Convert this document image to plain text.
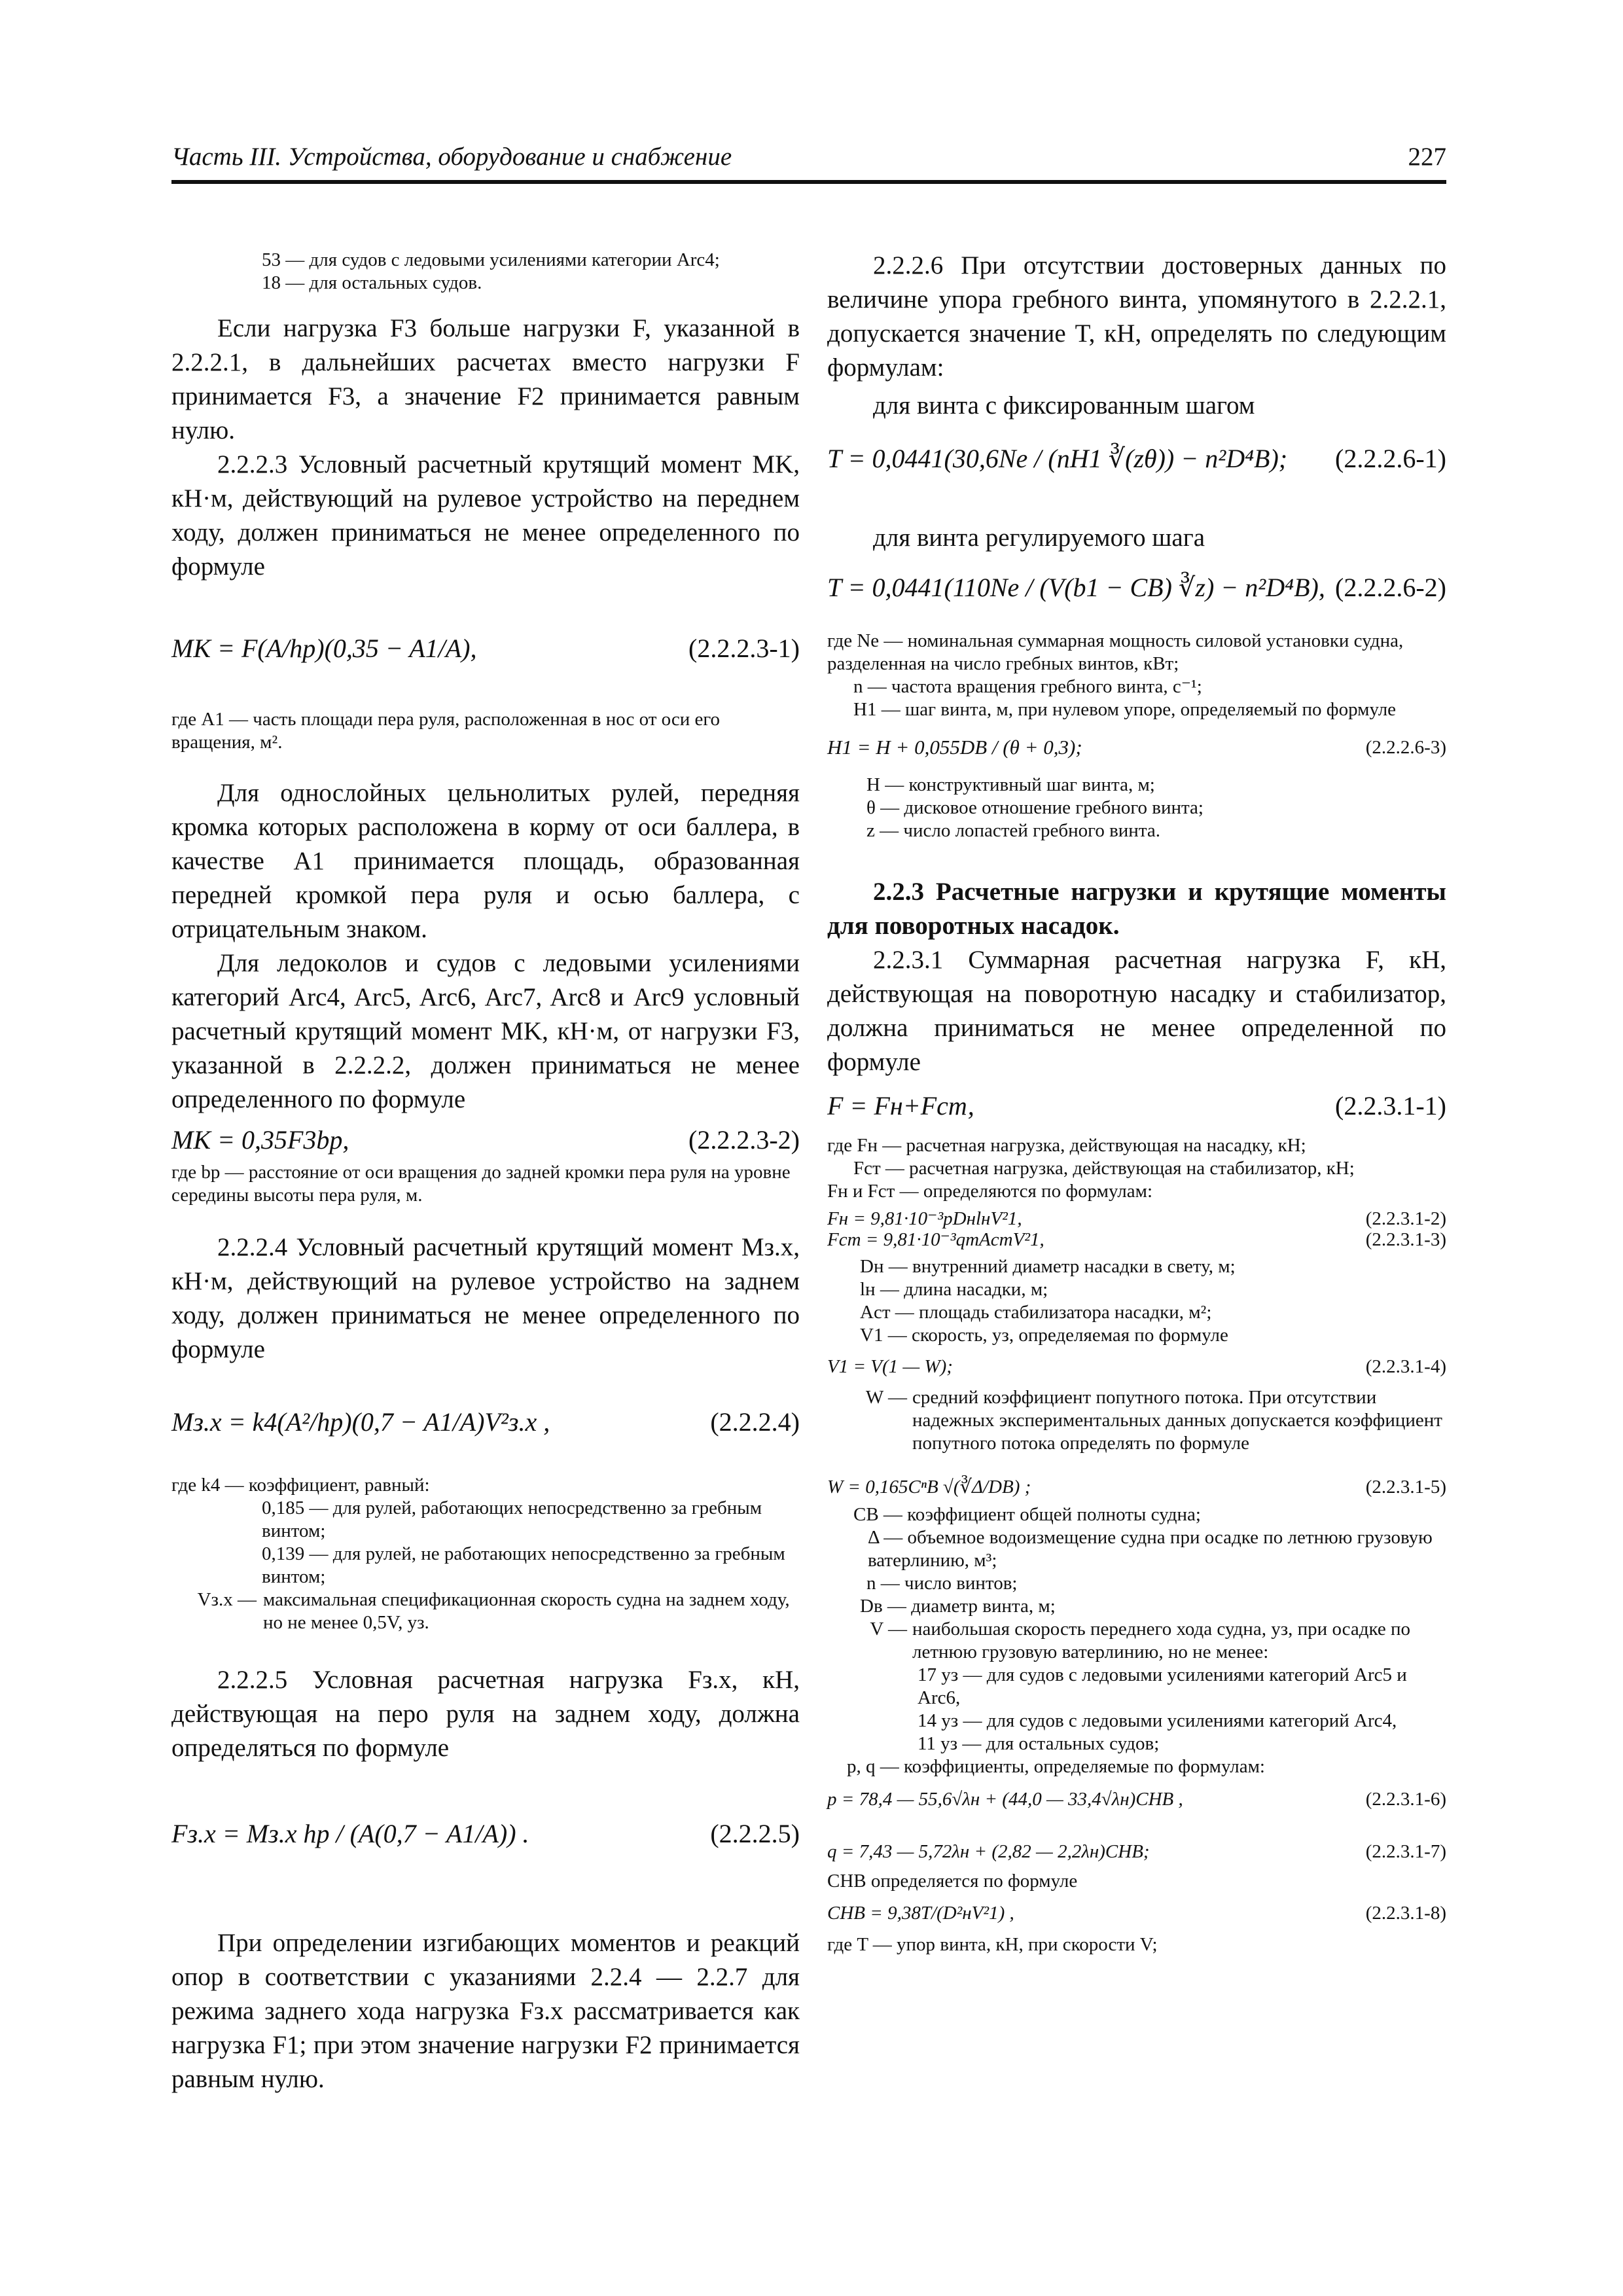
Часть III. Устройства, оборудование и снабжение	227
53 — для судов с ледовыми усилениями категории Arc4;
18 — для остальных судов.

Если нагрузка F3 больше нагрузки F, указанной в 2.2.2.1, в дальнейших расчетах вместо нагрузки F принимается F3, а значение F2 принимается равным нулю.

2.2.2.3 Условный расчетный крутящий момент MK, кН·м, действующий на рулевое устройство на переднем ходу, должен приниматься не менее определенного по формуле

MK = F(A/hp)(0,35 − A1/A),	(2.2.2.3-1)
где A1 — часть площади пера руля, расположенная в нос от оси его вращения, м².

Для однослойных цельнолитых рулей, передняя кромка которых расположена в корму от оси баллера, в качестве A1 принимается площадь, образованная передней кромкой пера руля и осью баллера, с отрицательным знаком.

Для ледоколов и судов с ледовыми усилениями категорий Arc4, Arc5, Arc6, Arc7, Arc8 и Arc9 условный расчетный крутящий момент MK, кН·м, от нагрузки F3, указанной в 2.2.2.2, должен приниматься не менее определенного по формуле

MK = 0,35F3bp,	(2.2.2.3-2)
где bp — расстояние от оси вращения до задней кромки пера руля на уровне середины высоты пера руля, м.

2.2.2.4 Условный расчетный крутящий момент Mз.х, кН·м, действующий на рулевое устройство на заднем ходу, должен приниматься не менее определенного по формуле

Mз.х = k4(A²/hp)(0,7 − A1/A)V²з.х ,	(2.2.2.4)
где k4 — коэффициент, равный:
0,185 — для рулей, работающих непосредственно за гребным винтом;
0,139 — для рулей, не работающих непосредственно за гребным винтом;
Vз.х — максимальная спецификационная скорость судна на заднем ходу, но не менее 0,5V, уз.

2.2.2.5 Условная расчетная нагрузка Fз.х, кН, действующая на перо руля на заднем ходу, должна определяться по формуле

Fз.х = Mз.х hp / (A(0,7 − A1/A)) .	(2.2.2.5)

При определении изгибающих моментов и реакций опор в соответствии с указаниями 2.2.4 — 2.2.7 для режима заднего хода нагрузка Fз.х рассматривается как нагрузка F1; при этом значение нагрузки F2 принимается равным нулю.

2.2.2.6 При отсутствии достоверных данных по величине упора гребного винта, упомянутого в 2.2.2.1, допускается значение T, кН, определять по следующим формулам:

для винта с фиксированным шагом

T = 0,0441(30,6Ne / (nH1 ∛(zθ)) − n²D⁴В); (2.2.2.6-1)

для винта регулируемого шага

T = 0,0441(110Ne / (V(b1 − CB) ∛z) − n²D⁴В), (2.2.2.6-2)
где Ne — номинальная суммарная мощность силовой установки судна, разделенная на число гребных винтов, кВт;
n — частота вращения гребного винта, с⁻¹;
H1 — шаг винта, м, при нулевом упоре, определяемый по формуле
H1 = H + 0,055DB / (θ + 0,3);	(2.2.2.6-3)
H — конструктивный шаг винта, м;
θ — дисковое отношение гребного винта;
z — число лопастей гребного винта.

2.2.3 Расчетные нагрузки и крутящие моменты для поворотных насадок.

2.2.3.1 Суммарная расчетная нагрузка F, кН, действующая на поворотную насадку и стабилизатор, должна приниматься не менее определенной по формуле

F = Fн+Fст,	(2.2.3.1-1)
где Fн — расчетная нагрузка, действующая на насадку, кН;
Fст — расчетная нагрузка, действующая на стабилизатор, кН;
Fн и Fст — определяются по формулам:
Fн = 9,81·10⁻³pDнlнV²1,	(2.2.3.1-2)
Fст = 9,81·10⁻³qmAстV²1,	(2.2.3.1-3)
Dн — внутренний диаметр насадки в свету, м;
lн — длина насадки, м;
Aст — площадь стабилизатора насадки, м²;
V1 — скорость, уз, определяемая по формуле
V1 = V(1 — W);	(2.2.3.1-4)
W — средний коэффициент попутного потока. При отсутствии надежных экспериментальных данных допускается коэффициент попутного потока определять по формуле
W = 0,165CⁿB √(∛Δ/DB) ;	(2.2.3.1-5)
CB — коэффициент общей полноты судна;
Δ — объемное водоизмещение судна при осадке по летнюю грузовую ватерлинию, м³;
n — число винтов;
Dв — диаметр винта, м;
V — наибольшая скорость переднего хода судна, уз, при осадке по летнюю грузовую ватерлинию, но не менее:
17 уз — для судов с ледовыми усилениями категорий Arc5 и Arc6,
14 уз — для судов с ледовыми усилениями категорий Arc4,
11 уз — для остальных судов;
p, q — коэффициенты, определяемые по формулам:
p = 78,4 — 55,6√λн + (44,0 — 33,4√λн)CHB ,	(2.2.3.1-6)
q = 7,43 — 5,72λн + (2,82 — 2,2λн)CHB;	(2.2.3.1-7)
CHB определяется по формуле
CHB = 9,38T/(D²нV²1) ,	(2.2.3.1-8)
где T — упор винта, кН, при скорости V;
